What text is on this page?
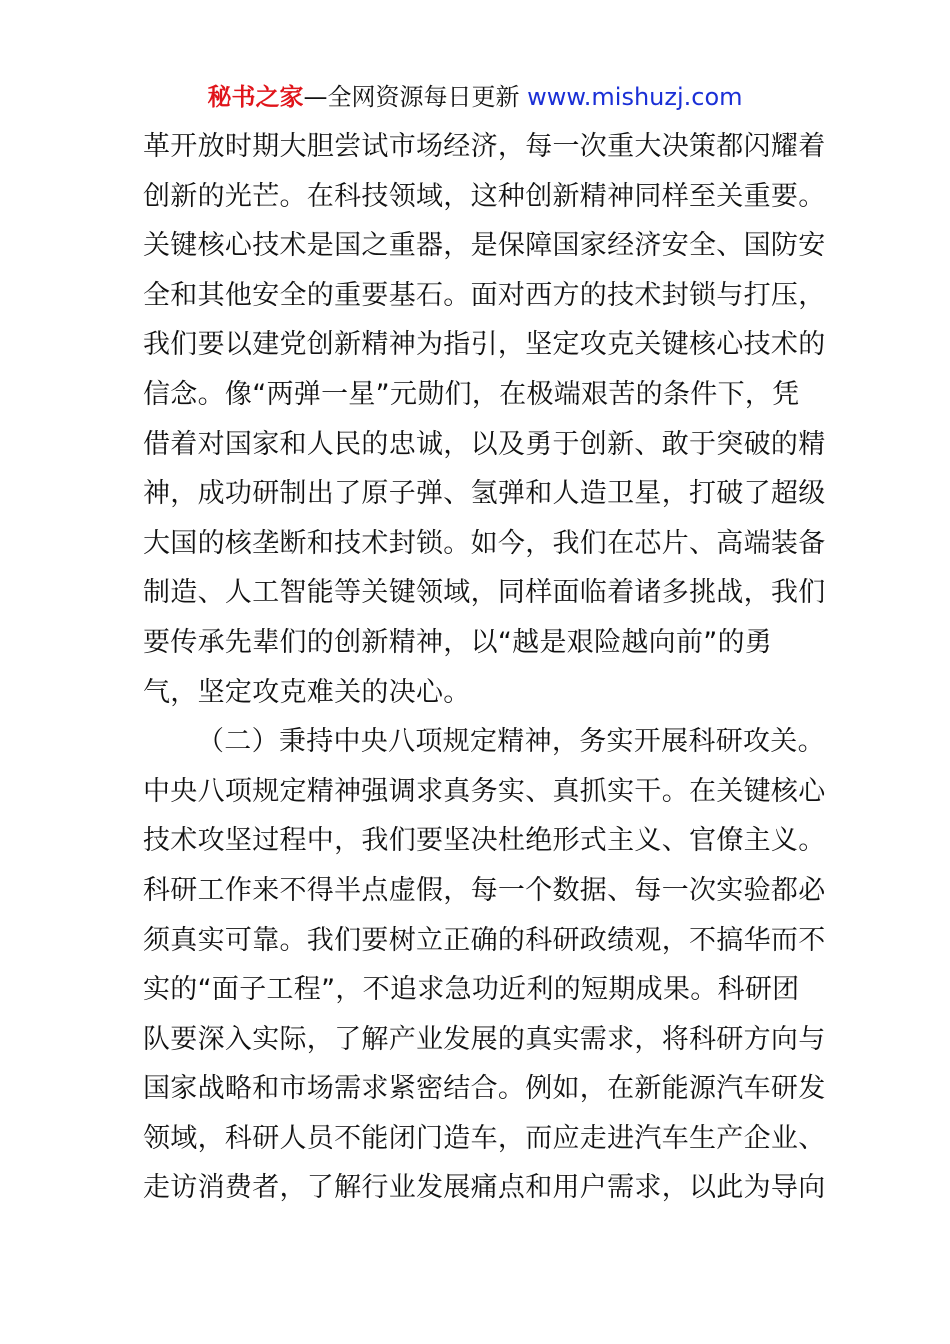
秘书之家—全网资源每日更新 www.mishuzj.com
革开放时期大胆尝试市场经济，每一次重大决策都闪耀着
创新的光芒。在科技领域，这种创新精神同样至关重要。
关键核心技术是国之重器，是保障国家经济安全、国防安
全和其他安全的重要基石。面对西方的技术封锁与打压，
我们要以建党创新精神为指引，坚定攻克关键核心技术的
信念。像“两弹一星”元勋们，在极端艰苦的条件下，凭
借着对国家和人民的忠诚，以及勇于创新、敢于突破的精
神，成功研制出了原子弹、氢弹和人造卫星，打破了超级
大国的核垄断和技术封锁。如今，我们在芯片、高端装备
制造、人工智能等关键领域，同样面临着诸多挑战，我们
要传承先辈们的创新精神，以“越是艰险越向前”的勇
气，坚定攻克难关的决心。
（二）秉持中央八项规定精神，务实开展科研攻关。
中央八项规定精神强调求真务实、真抓实干。在关键核心
技术攻坚过程中，我们要坚决杜绝形式主义、官僚主义。
科研工作来不得半点虚假，每一个数据、每一次实验都必
须真实可靠。我们要树立正确的科研政绩观，不搞华而不
实的“面子工程”，不追求急功近利的短期成果。科研团
队要深入实际，了解产业发展的真实需求，将科研方向与
国家战略和市场需求紧密结合。例如，在新能源汽车研发
领域，科研人员不能闭门造车，而应走进汽车生产企业、
走访消费者，了解行业发展痛点和用户需求，以此为导向
